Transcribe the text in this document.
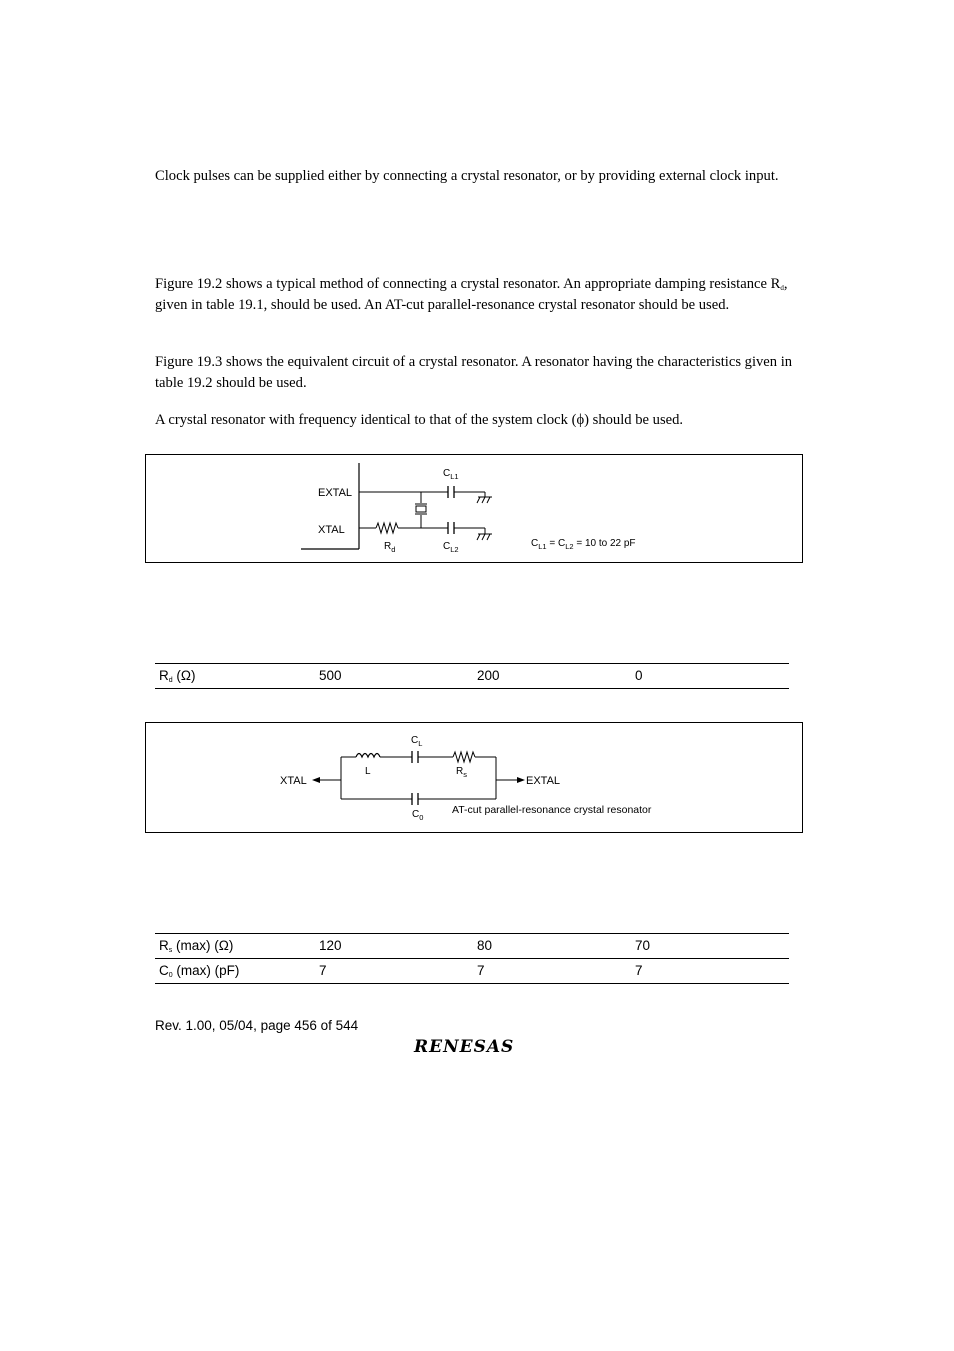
Clock pulses can be supplied either by connecting a crystal resonator, or by providing external clock input.
Figure 19.2 shows a typical method of connecting a crystal resonator. An appropriate damping resistance $R_d$, given in table 19.1, should be used. An AT-cut parallel-resonance crystal resonator should be used.
Figure 19.3 shows the equivalent circuit of a crystal resonator. A resonator having the characteristics given in table 19.2 should be used.
A crystal resonator with frequency identical to that of the system clock (ϕ) should be used.
EXTAL
XTAL
$C_{L1}$
$R_d$	$C_{L2}$
$C_{L1} = C_{L2} = 10$ to 22 pF
$R_d$ (Ω)	500	200	0
XTAL
L
$C_L$
$R_s$
EXTAL
$C_0$
AT-cut parallel-resonance crystal resonator
$R_s$ (max) (Ω)	120	80	70
$C_0$ (max) (pF)	7	7	7
Rev. 1.00, 05/04, page 456 of 544
RENESAS
